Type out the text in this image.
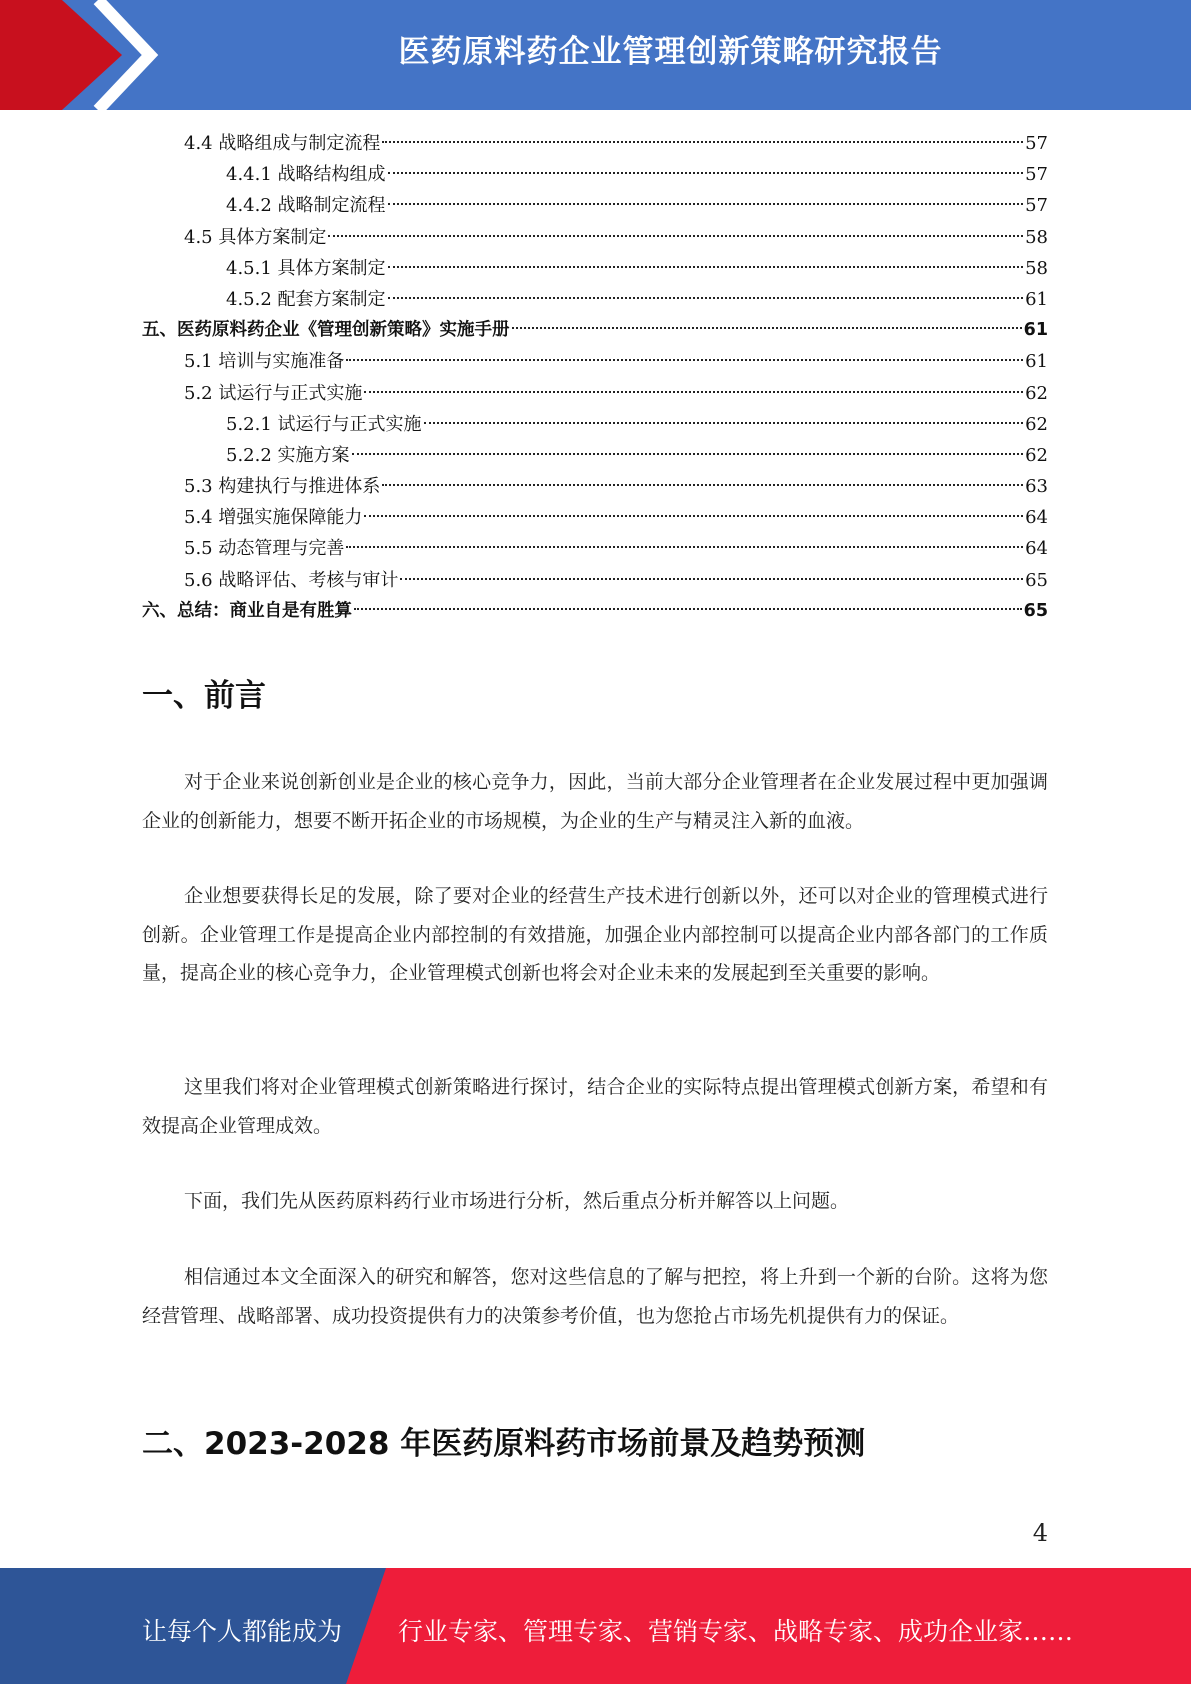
医药原料药企业管理创新策略研究报告
4.4 战略组成与制定流程	57
4.4.1 战略结构组成	57
4.4.2 战略制定流程	57
4.5 具体方案制定	58
4.5.1 具体方案制定	58
4.5.2 配套方案制定	61
五、医药原料药企业《管理创新策略》实施手册	61
5.1 培训与实施准备	61
5.2 试运行与正式实施	62
5.2.1 试运行与正式实施	62
5.2.2 实施方案	62
5.3 构建执行与推进体系	63
5.4 增强实施保障能力	64
5.5 动态管理与完善	64
5.6 战略评估、考核与审计	65
六、总结：商业自是有胜算	65
一、前言

对于企业来说创新创业是企业的核心竞争力，因此，当前大部分企业管理者在企业发展过程中更加强调企业的创新能力，想要不断开拓企业的市场规模，为企业的生产与精灵注入新的血液。

企业想要获得长足的发展，除了要对企业的经营生产技术进行创新以外，还可以对企业的管理模式进行创新。企业管理工作是提高企业内部控制的有效措施，加强企业内部控制可以提高企业内部各部门的工作质量，提高企业的核心竞争力，企业管理模式创新也将会对企业未来的发展起到至关重要的影响。

这里我们将对企业管理模式创新策略进行探讨，结合企业的实际特点提出管理模式创新方案，希望和有效提高企业管理成效。

下面，我们先从医药原料药行业市场进行分析，然后重点分析并解答以上问题。

相信通过本文全面深入的研究和解答，您对这些信息的了解与把控，将上升到一个新的台阶。这将为您经营管理、战略部署、成功投资提供有力的决策参考价值，也为您抢占市场先机提供有力的保证。

二、2023-2028 年医药原料药市场前景及趋势预测
4
让每个人都能成为 行业专家、管理专家、营销专家、战略专家、成功企业家……
